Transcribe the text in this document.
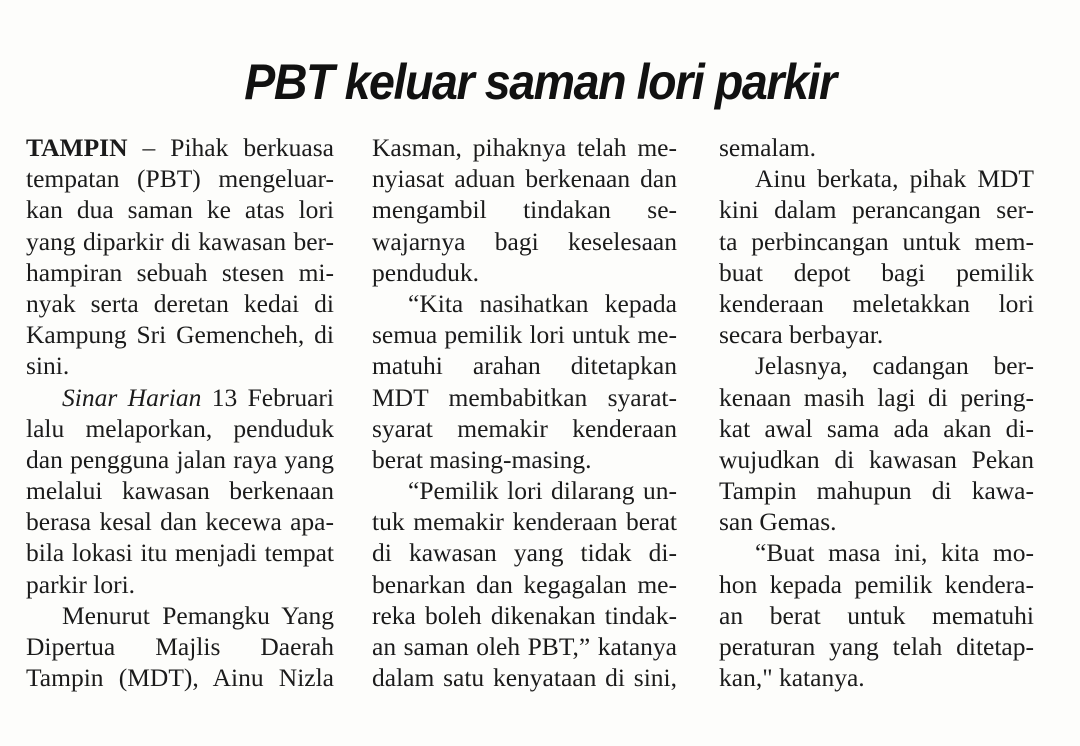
PBT keluar saman lori parkir
TAMPIN – Pihak berkuasa
tempatan (PBT) mengeluar-
kan dua saman ke atas lori
yang diparkir di kawasan ber-
hampiran sebuah stesen mi-
nyak serta deretan kedai di
Kampung Sri Gemencheh, di
sini.
Sinar Harian 13 Februari
lalu melaporkan, penduduk
dan pengguna jalan raya yang
melalui kawasan berkenaan
berasa kesal dan kecewa apa-
bila lokasi itu menjadi tempat
parkir lori.
Menurut Pemangku Yang
Dipertua Majlis Daerah
Tampin (MDT), Ainu Nizla
Kasman, pihaknya telah me-
nyiasat aduan berkenaan dan
mengambil tindakan se-
wajarnya bagi keselesaan
penduduk.
“Kita nasihatkan kepada
semua pemilik lori untuk me-
matuhi arahan ditetapkan
MDT membabitkan syarat-
syarat memakir kenderaan
berat masing-masing.
“Pemilik lori dilarang un-
tuk memakir kenderaan berat
di kawasan yang tidak di-
benarkan dan kegagalan me-
reka boleh dikenakan tindak-
an saman oleh PBT,” katanya
dalam satu kenyataan di sini,
semalam.
Ainu berkata, pihak MDT
kini dalam perancangan ser-
ta perbincangan untuk mem-
buat depot bagi pemilik
kenderaan meletakkan lori
secara berbayar.
Jelasnya, cadangan ber-
kenaan masih lagi di pering-
kat awal sama ada akan di-
wujudkan di kawasan Pekan
Tampin mahupun di kawa-
san Gemas.
“Buat masa ini, kita mo-
hon kepada pemilik kendera-
an berat untuk mematuhi
peraturan yang telah ditetap-
kan," katanya.
